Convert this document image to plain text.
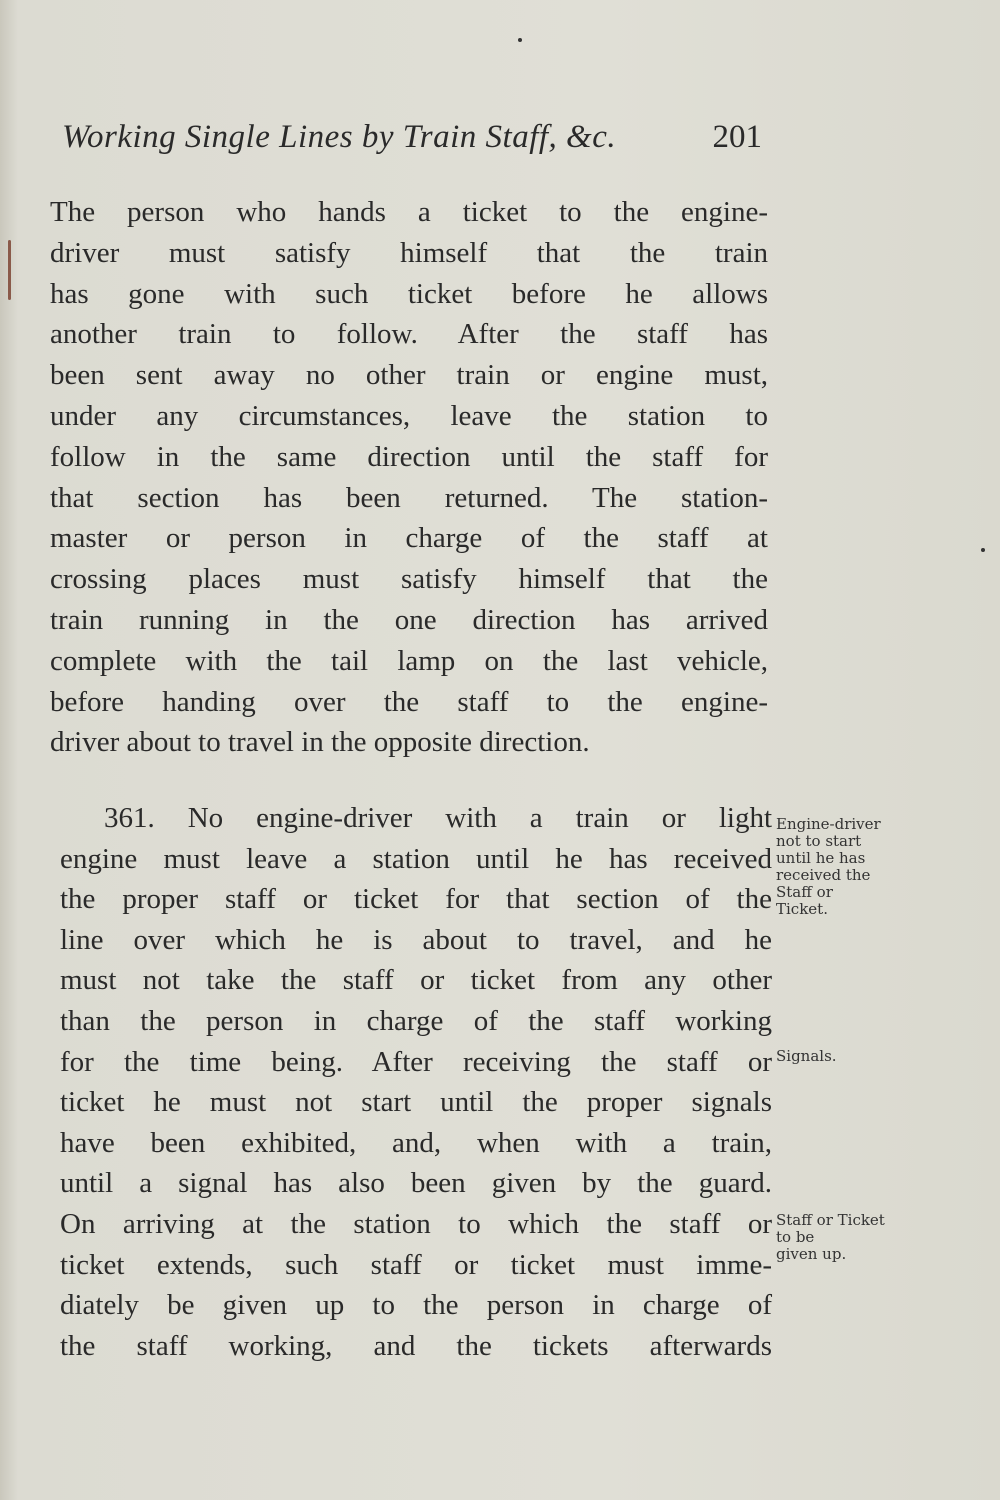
Working Single Lines by Train Staff, &c.	201
The person who hands a ticket to the engine-
driver must satisfy himself that the train
has gone with such ticket before he allows
another train to follow. After the staff has
been sent away no other train or engine must,
under any circumstances, leave the station to
follow in the same direction until the staff for
that section has been returned. The station-
master or person in charge of the staff at
crossing places must satisfy himself that the
train running in the one direction has arrived
complete with the tail lamp on the last vehicle,
before handing over the staff to the engine-
driver about to travel in the opposite direction.
361. No engine-driver with a train or light
engine must leave a station until he has received
the proper staff or ticket for that section of the
line over which he is about to travel, and he
must not take the staff or ticket from any other
than the person in charge of the staff working
for the time being. After receiving the staff or
ticket he must not start until the proper signals
have been exhibited, and, when with a train,
until a signal has also been given by the guard.
On arriving at the station to which the staff or
ticket extends, such staff or ticket must imme-
diately be given up to the person in charge of
the staff working, and the tickets afterwards
Engine-driver
not to start
until he has
received the
Staff or
Ticket.
Signals.
Staff or Ticket
to be
given up.
